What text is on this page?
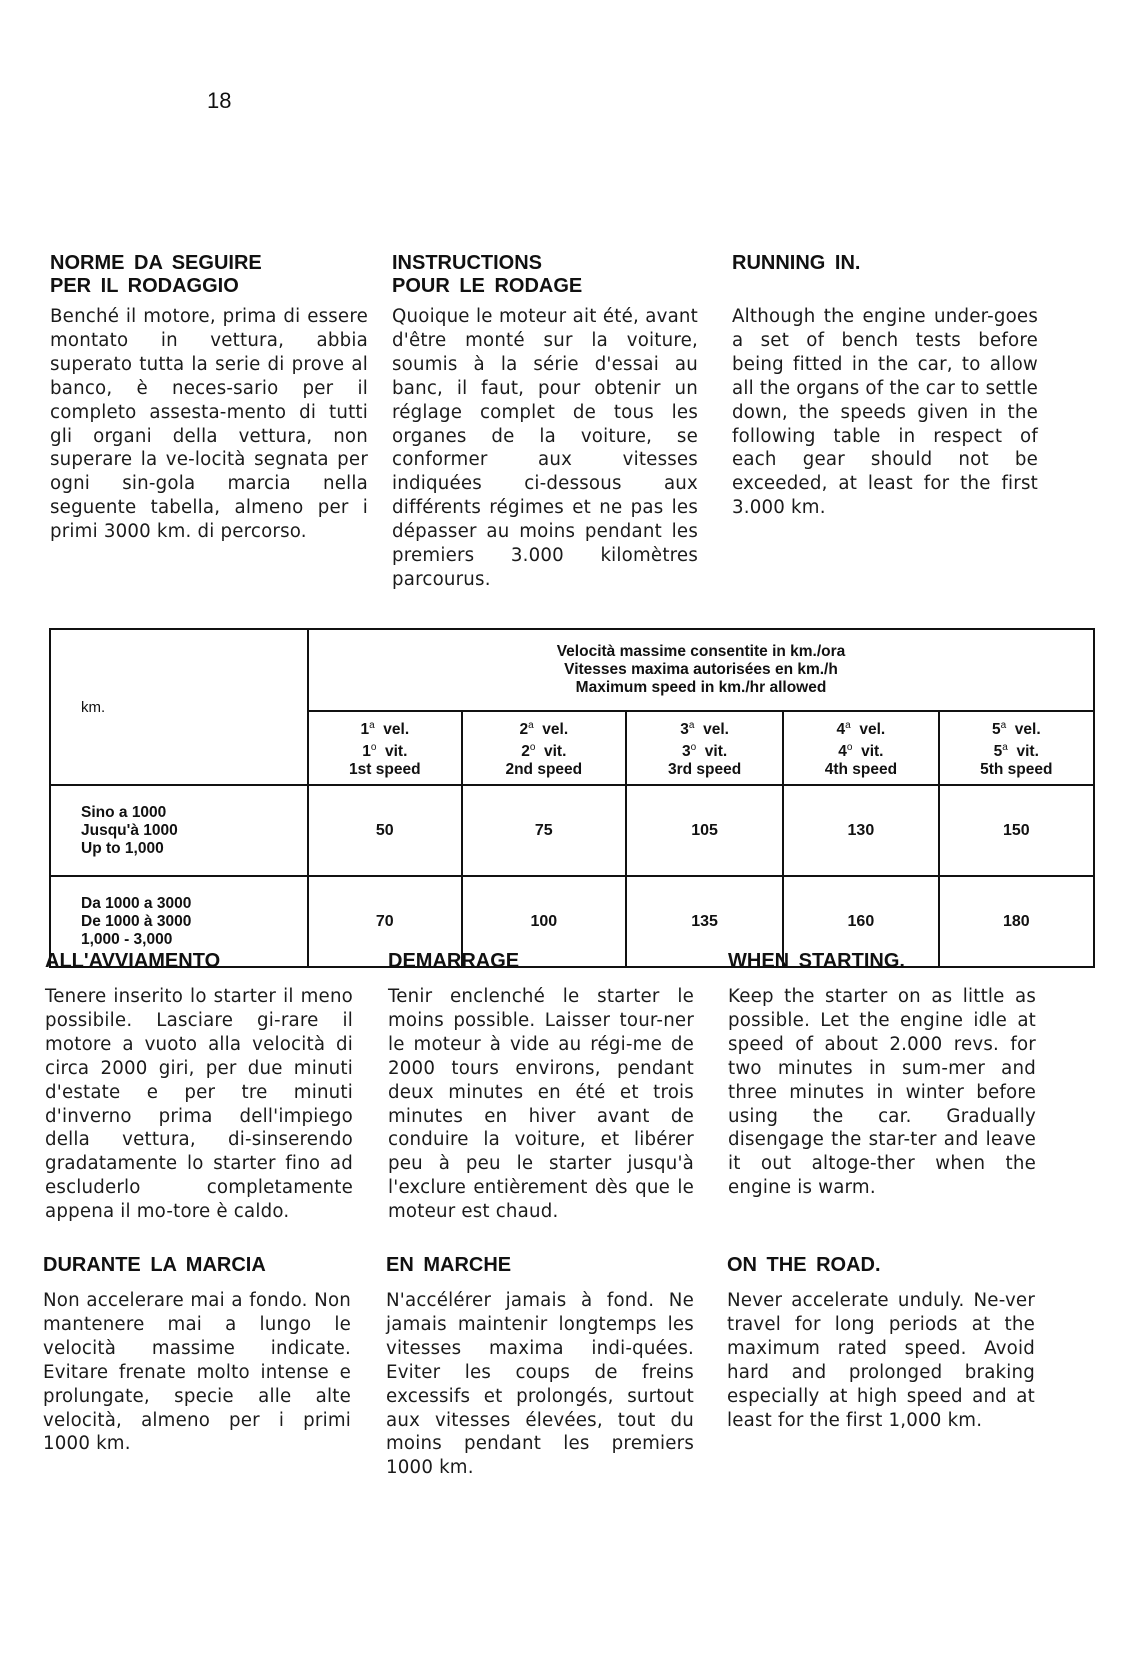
18
NORME DA SEGUIRE
PER IL RODAGGIO

Benché il motore, prima di essere montato in vettura, abbia superato tutta la serie di prove al banco, è neces-sario per il completo assesta-mento di tutti gli organi della vettura, non superare la ve-locità segnata per ogni sin-gola marcia nella seguente tabella, almeno per i primi 3000 km. di percorso.

INSTRUCTIONS
POUR LE RODAGE

Quoique le moteur ait été, avant d'être monté sur la voiture, soumis à la série d'essai au banc, il faut, pour obtenir un réglage complet de tous les organes de la voiture, se conformer aux vitesses indiquées ci-dessous aux différents régimes et ne pas les dépasser au moins pendant les premiers 3.000 kilomètres parcourus.

RUNNING IN.

Although the engine under-goes a set of bench tests before being fitted in the car, to allow all the organs of the car to settle down, the speeds given in the following table in respect of each gear should not be exceeded, at least for the first 3.000 km.

km.	Velocità massime consentite in km./ora
Vitesses maxima autorisées en km./h
Maximum speed in km./hr allowed				
	1$^a$ vel.
1$^o$ vit.
1st speed	2$^a$ vel.
2$^o$ vit.
2nd speed	3$^a$ vel.
3$^o$ vit.
3rd speed	4$^a$ vel.
4$^o$ vit.
4th speed	5$^a$ vel.
5$^a$ vit.
5th speed
Sino a 1000
Jusqu'à 1000
Up to 1,000	50	75	105	130	150
Da 1000 a 3000
De 1000 à 3000
1,000 - 3,000	70	100	135	160	180
ALL'AVVIAMENTO

Tenere inserito lo starter il meno possibile. Lasciare gi-rare il motore a vuoto alla velocità di circa 2000 giri, per due minuti d'estate e per tre minuti d'inverno prima dell'impiego della vettura, di-sinserendo gradatamente lo starter fino ad escluderlo completamente appena il mo-tore è caldo.

DEMARRAGE

Tenir enclenché le starter le moins possible. Laisser tour-ner le moteur à vide au régi-me de 2000 tours environs, pendant deux minutes en été et trois minutes en hiver avant de conduire la voiture, et libérer peu à peu le starter jusqu'à l'exclure entièrement dès que le moteur est chaud.

WHEN STARTING.

Keep the starter on as little as possible. Let the engine idle at speed of about 2.000 revs. for two minutes in sum-mer and three minutes in winter before using the car. Gradually disengage the star-ter and leave it out altoge-ther when the engine is warm.

DURANTE LA MARCIA

Non accelerare mai a fondo. Non mantenere mai a lungo le velocità massime indicate. Evitare frenate molto intense e prolungate, specie alle alte velocità, almeno per i primi 1000 km.

EN MARCHE

N'accélérer jamais à fond. Ne jamais maintenir longtemps les vitesses maxima indi-quées. Eviter les coups de freins excessifs et prolongés, surtout aux vitesses élevées, tout du moins pendant les premiers 1000 km.

ON THE ROAD.

Never accelerate unduly. Ne-ver travel for long periods at the maximum rated speed. Avoid hard and prolonged braking especially at high speed and at least for the first 1,000 km.
